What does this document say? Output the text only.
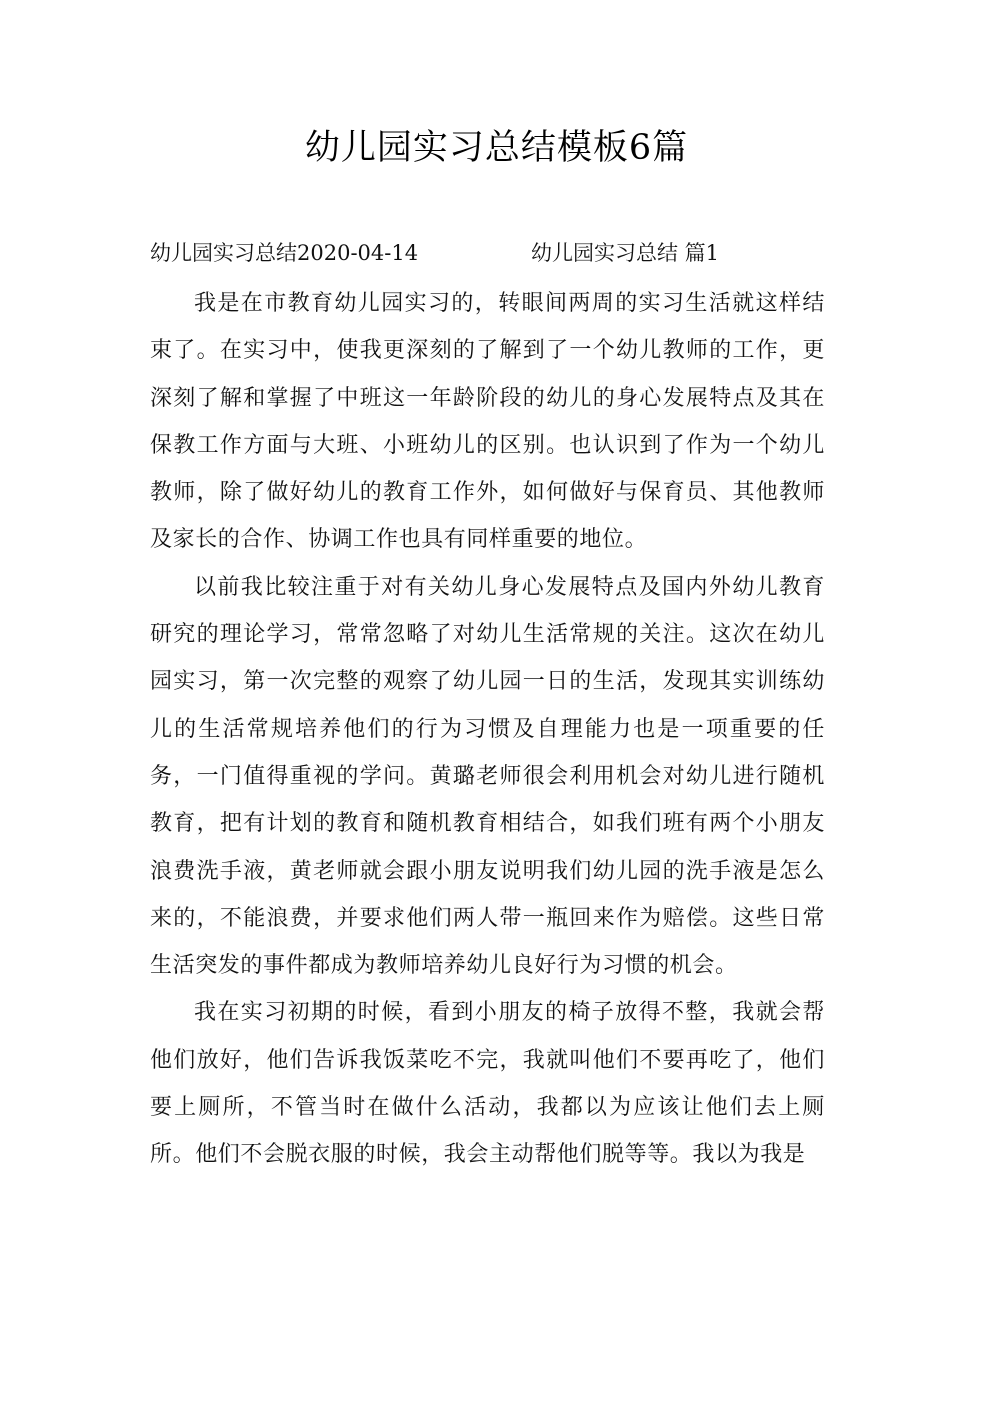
幼儿园实习总结模板6篇
幼儿园实习总结2020-04-14	幼儿园实习总结 篇1

我是在市教育幼儿园实习的，转眼间两周的实习生活就这样结束了。在实习中，使我更深刻的了解到了一个幼儿教师的工作，更深刻了解和掌握了中班这一年龄阶段的幼儿的身心发展特点及其在保教工作方面与大班、小班幼儿的区别。也认识到了作为一个幼儿教师，除了做好幼儿的教育工作外，如何做好与保育员、其他教师及家长的合作、协调工作也具有同样重要的地位。

以前我比较注重于对有关幼儿身心发展特点及国内外幼儿教育研究的理论学习，常常忽略了对幼儿生活常规的关注。这次在幼儿园实习，第一次完整的观察了幼儿园一日的生活，发现其实训练幼儿的生活常规培养他们的行为习惯及自理能力也是一项重要的任务，一门值得重视的学问。黄璐老师很会利用机会对幼儿进行随机教育，把有计划的教育和随机教育相结合，如我们班有两个小朋友浪费洗手液，黄老师就会跟小朋友说明我们幼儿园的洗手液是怎么来的，不能浪费，并要求他们两人带一瓶回来作为赔偿。这些日常生活突发的事件都成为教师培养幼儿良好行为习惯的机会。

我在实习初期的时候，看到小朋友的椅子放得不整，我就会帮他们放好，他们告诉我饭菜吃不完，我就叫他们不要再吃了，他们要上厕所，不管当时在做什么活动，我都以为应该让他们去上厕所。他们不会脱衣服的时候，我会主动帮他们脱等等。我以为我是
